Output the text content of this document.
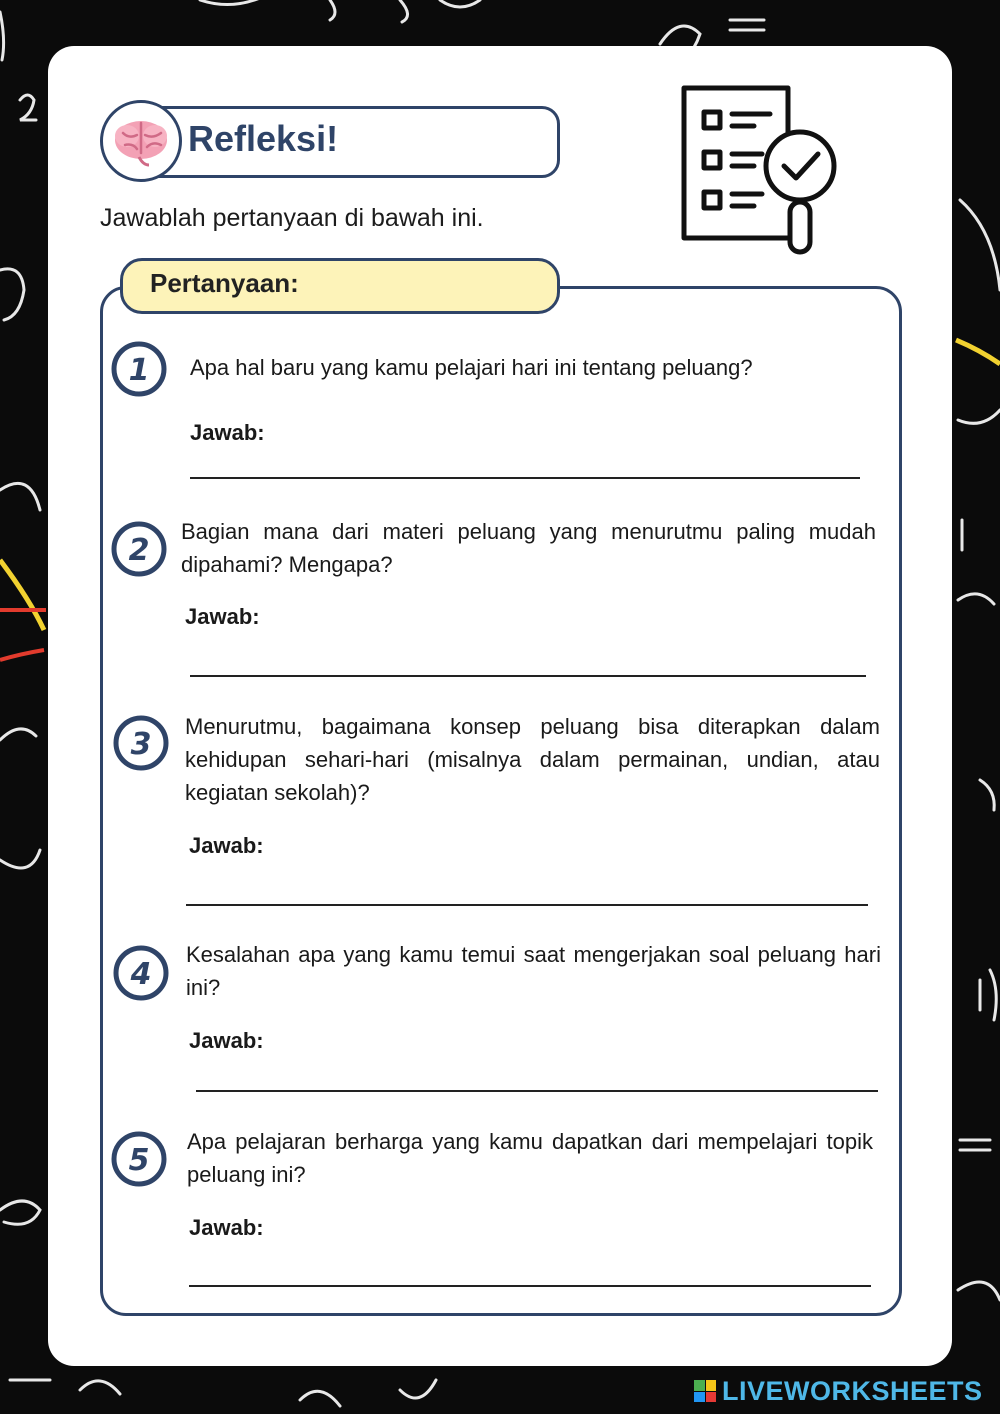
Refleksi!
Jawablah pertanyaan di bawah ini.
Pertanyaan:
1 Apa hal baru yang kamu pelajari hari ini tentang peluang?
Jawab:
2
Bagian mana dari materi peluang yang menurutmu paling mudah dipahami? Mengapa?
Jawab:
3
Menurutmu, bagaimana konsep peluang bisa diterapkan dalam kehidupan sehari-hari (misalnya dalam permainan, undian, atau kegiatan sekolah)?
Jawab:
4
Kesalahan apa yang kamu temui saat mengerjakan soal peluang hari ini?
Jawab:
5
Apa pelajaran berharga yang kamu dapatkan dari mempelajari topik peluang ini?
Jawab:
LIVEWORKSHEETS
